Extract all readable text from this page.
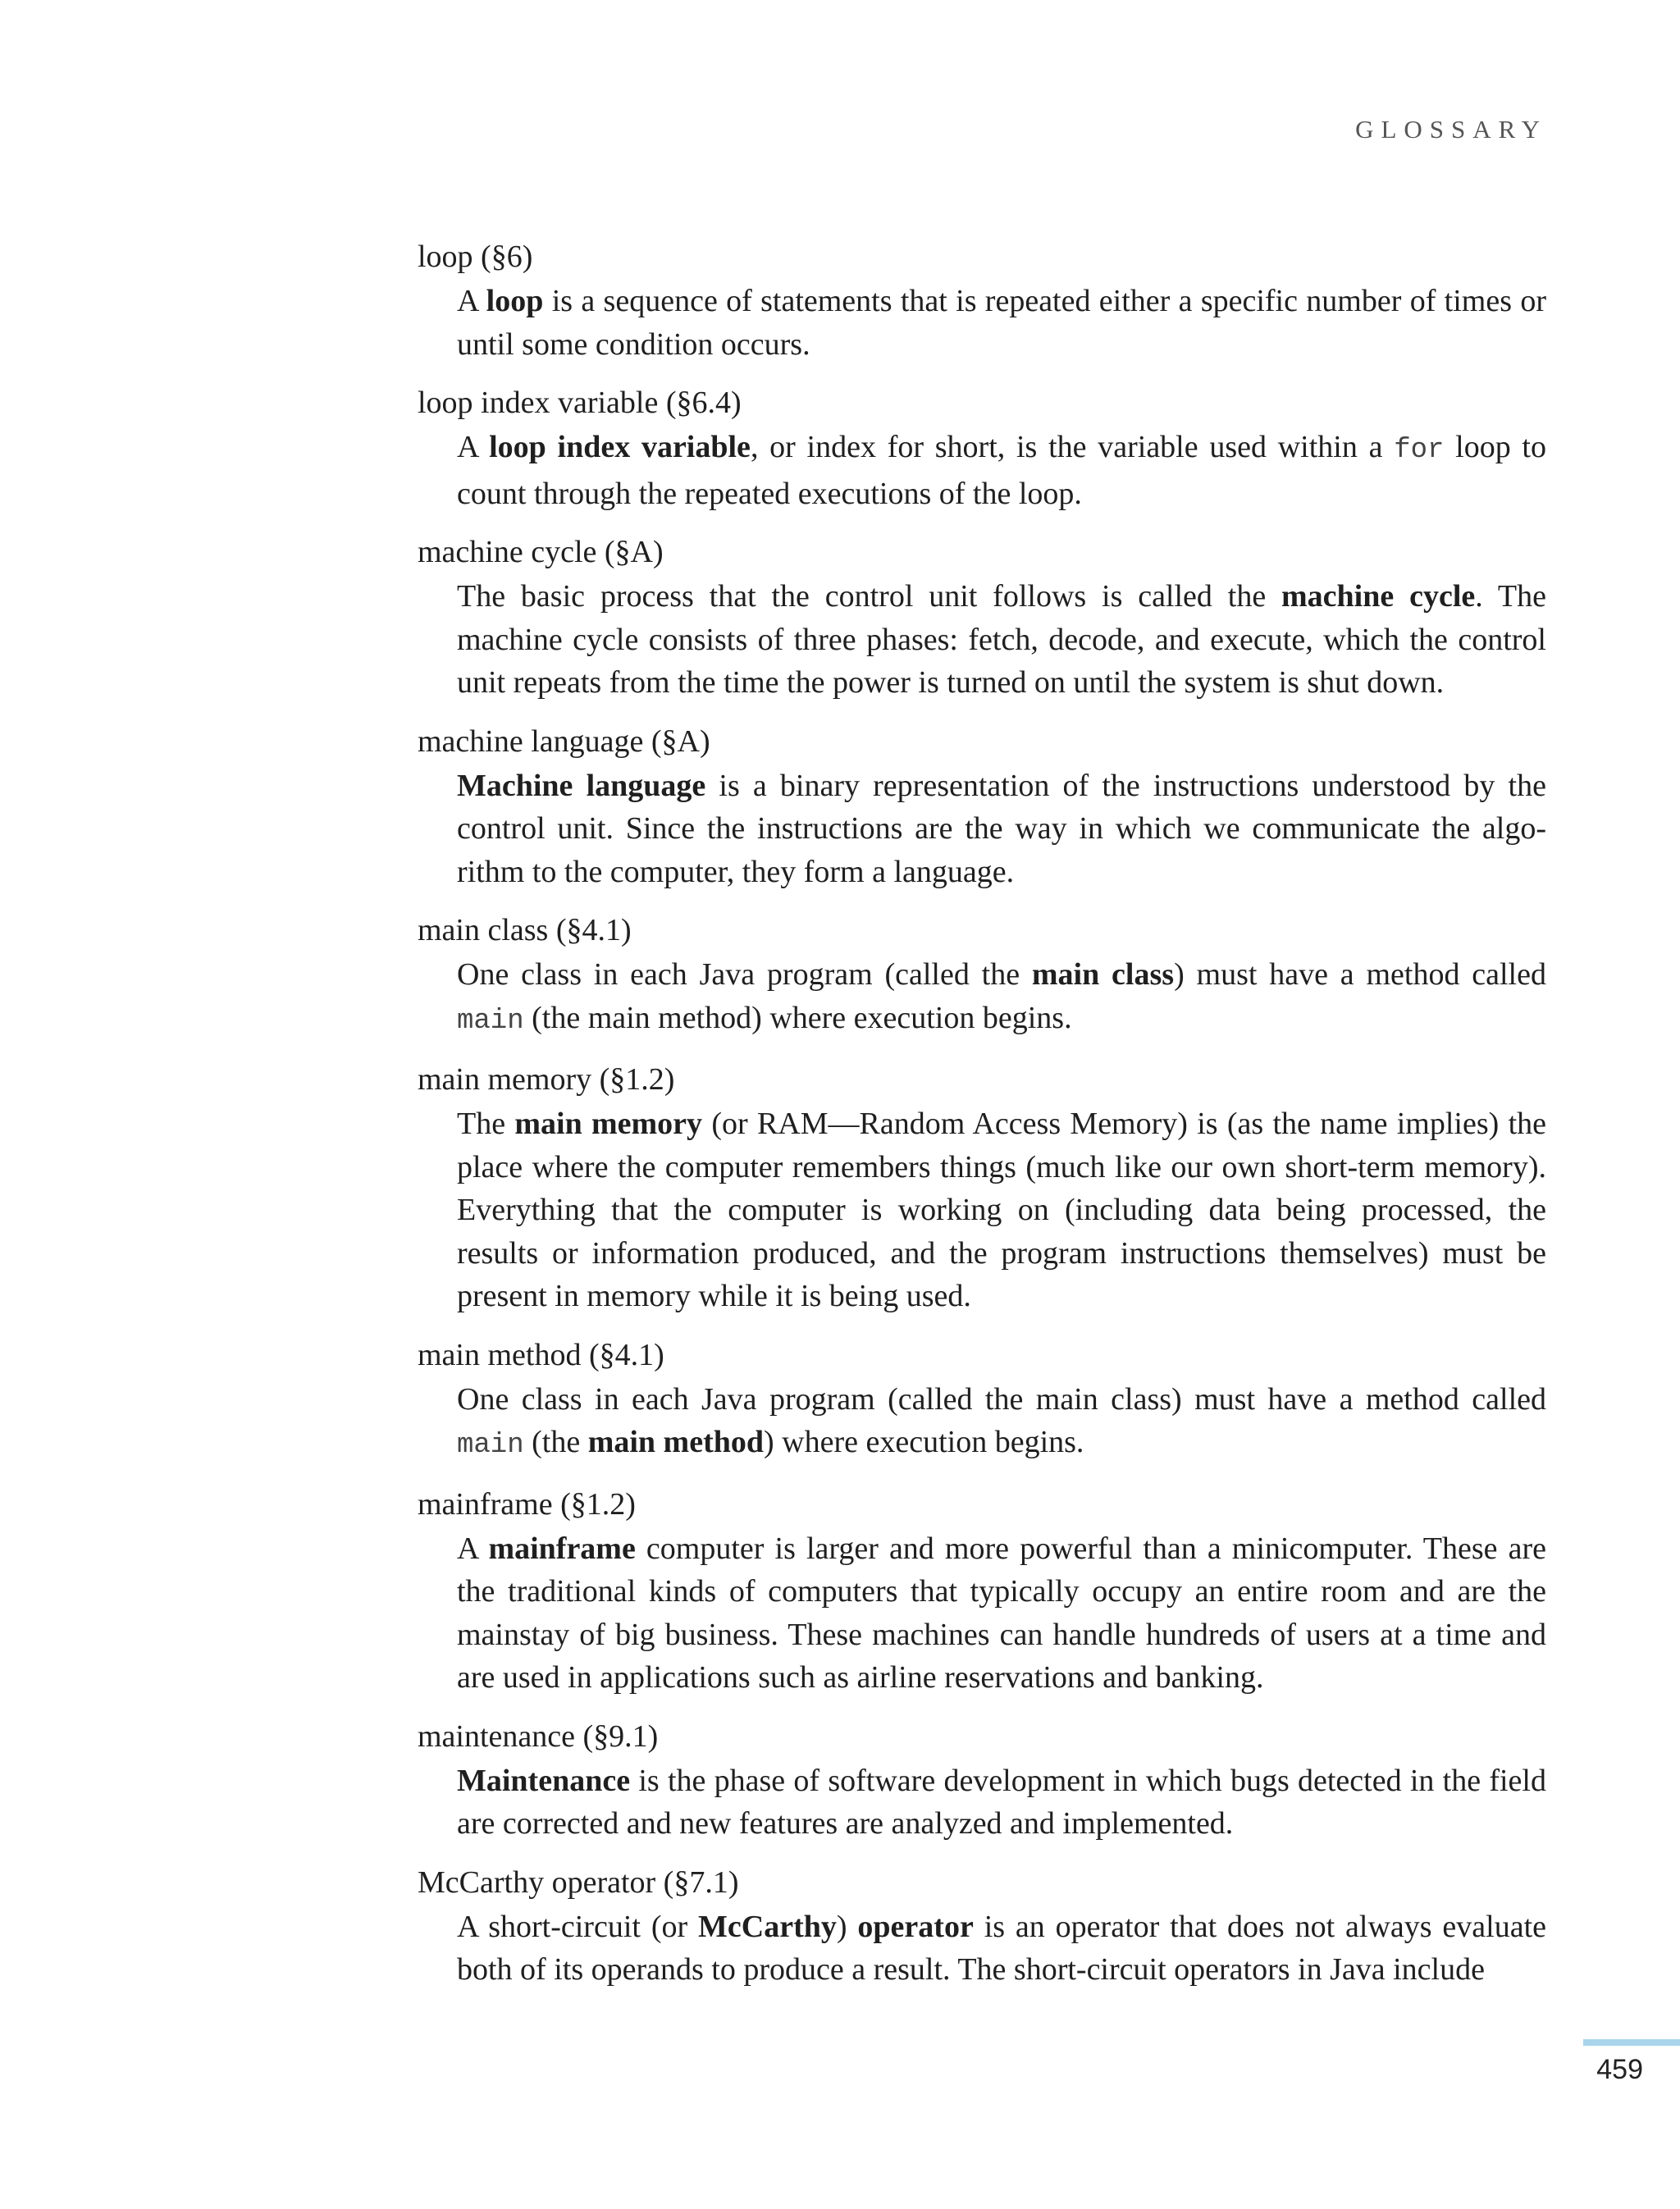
GLOSSARY

loop (§6)

A loop is a sequence of statements that is repeated either a specific number of times or until some condition occurs.

loop index variable (§6.4)

A loop index variable, or index for short, is the variable used within a for loop to count through the repeated executions of the loop.

machine cycle (§A)

The basic process that the control unit follows is called the machine cycle. The machine cycle consists of three phases: fetch, decode, and execute, which the control unit repeats from the time the power is turned on until the system is shut down.

machine language (§A)

Machine language is a binary representation of the instructions understood by the control unit. Since the instructions are the way in which we communicate the algorithm to the computer, they form a language.

main class (§4.1)

One class in each Java program (called the main class) must have a method called main (the main method) where execution begins.

main memory (§1.2)

The main memory (or RAM—Random Access Memory) is (as the name implies) the place where the computer remembers things (much like our own short-term memory). Everything that the computer is working on (including data being processed, the results or information produced, and the program instructions themselves) must be present in memory while it is being used.

main method (§4.1)

One class in each Java program (called the main class) must have a method called main (the main method) where execution begins.

mainframe (§1.2)

A mainframe computer is larger and more powerful than a minicomputer. These are the traditional kinds of computers that typically occupy an entire room and are the mainstay of big business. These machines can handle hundreds of users at a time and are used in applications such as airline reservations and banking.

maintenance (§9.1)

Maintenance is the phase of software development in which bugs detected in the field are corrected and new features are analyzed and implemented.

McCarthy operator (§7.1)

A short-circuit (or McCarthy) operator is an operator that does not always evaluate both of its operands to produce a result. The short-circuit operators in Java include

459
